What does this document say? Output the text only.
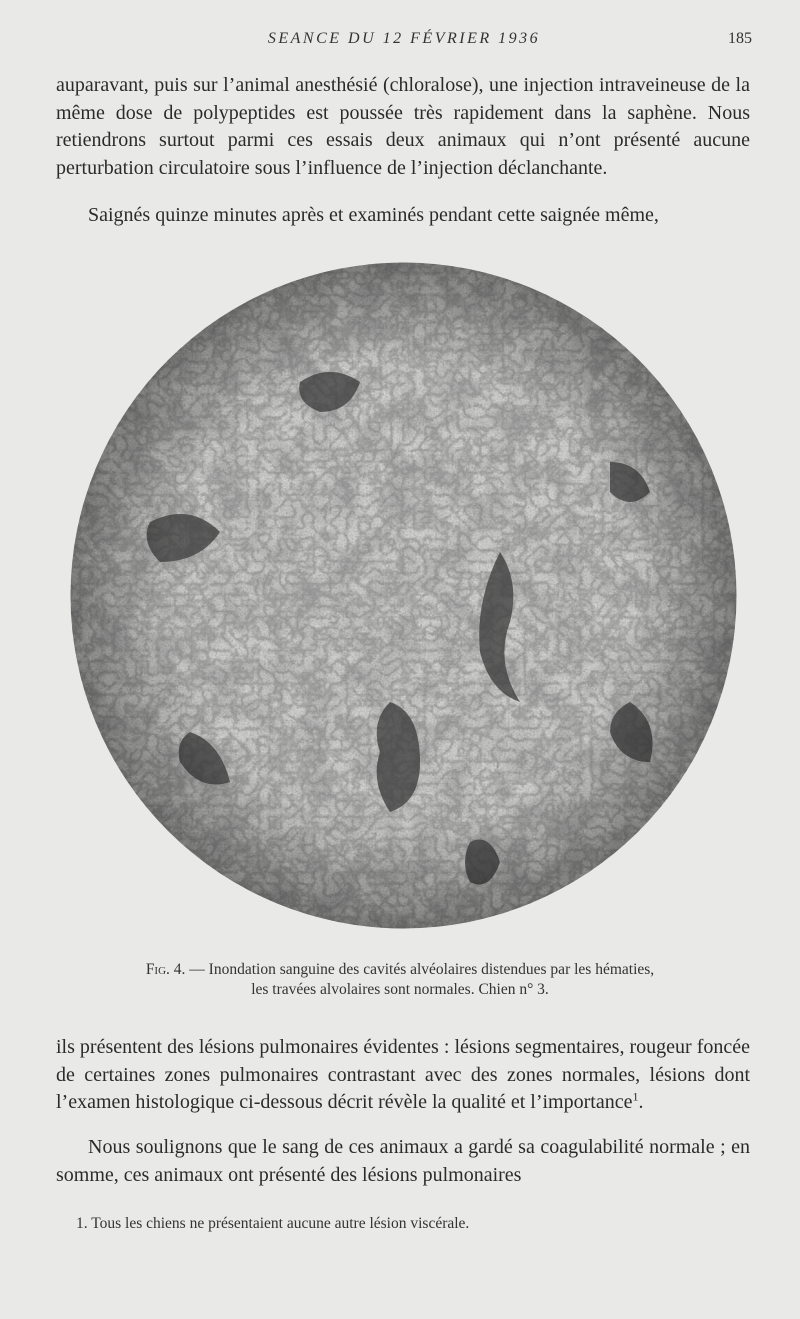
SEANCE DU 12 FÉVRIER 1936	185

auparavant, puis sur l’animal anesthésié (chloralose), une injection intraveineuse de la même dose de polypeptides est poussée très rapidement dans la saphène. Nous retiendrons surtout parmi ces essais deux animaux qui n’ont présenté aucune perturbation circulatoire sous l’influence de l’injection déclanchante.

Saignés quinze minutes après et examinés pendant cette saignée même,

Fig. 4. — Inondation sanguine des cavités alvéolaires distendues par les hématies,
les travées alvolaires sont normales. Chien n° 3.

ils présentent des lésions pulmonaires évidentes : lésions segmentaires, rougeur foncée de certaines zones pulmonaires contrastant avec des zones normales, lésions dont l’examen histologique ci-dessous décrit révèle la qualité et l’importance$^1$.

Nous soulignons que le sang de ces animaux a gardé sa coagulabilité normale ; en somme, ces animaux ont présenté des lésions pulmonaires

1. Tous les chiens ne présentaient aucune autre lésion viscérale.
